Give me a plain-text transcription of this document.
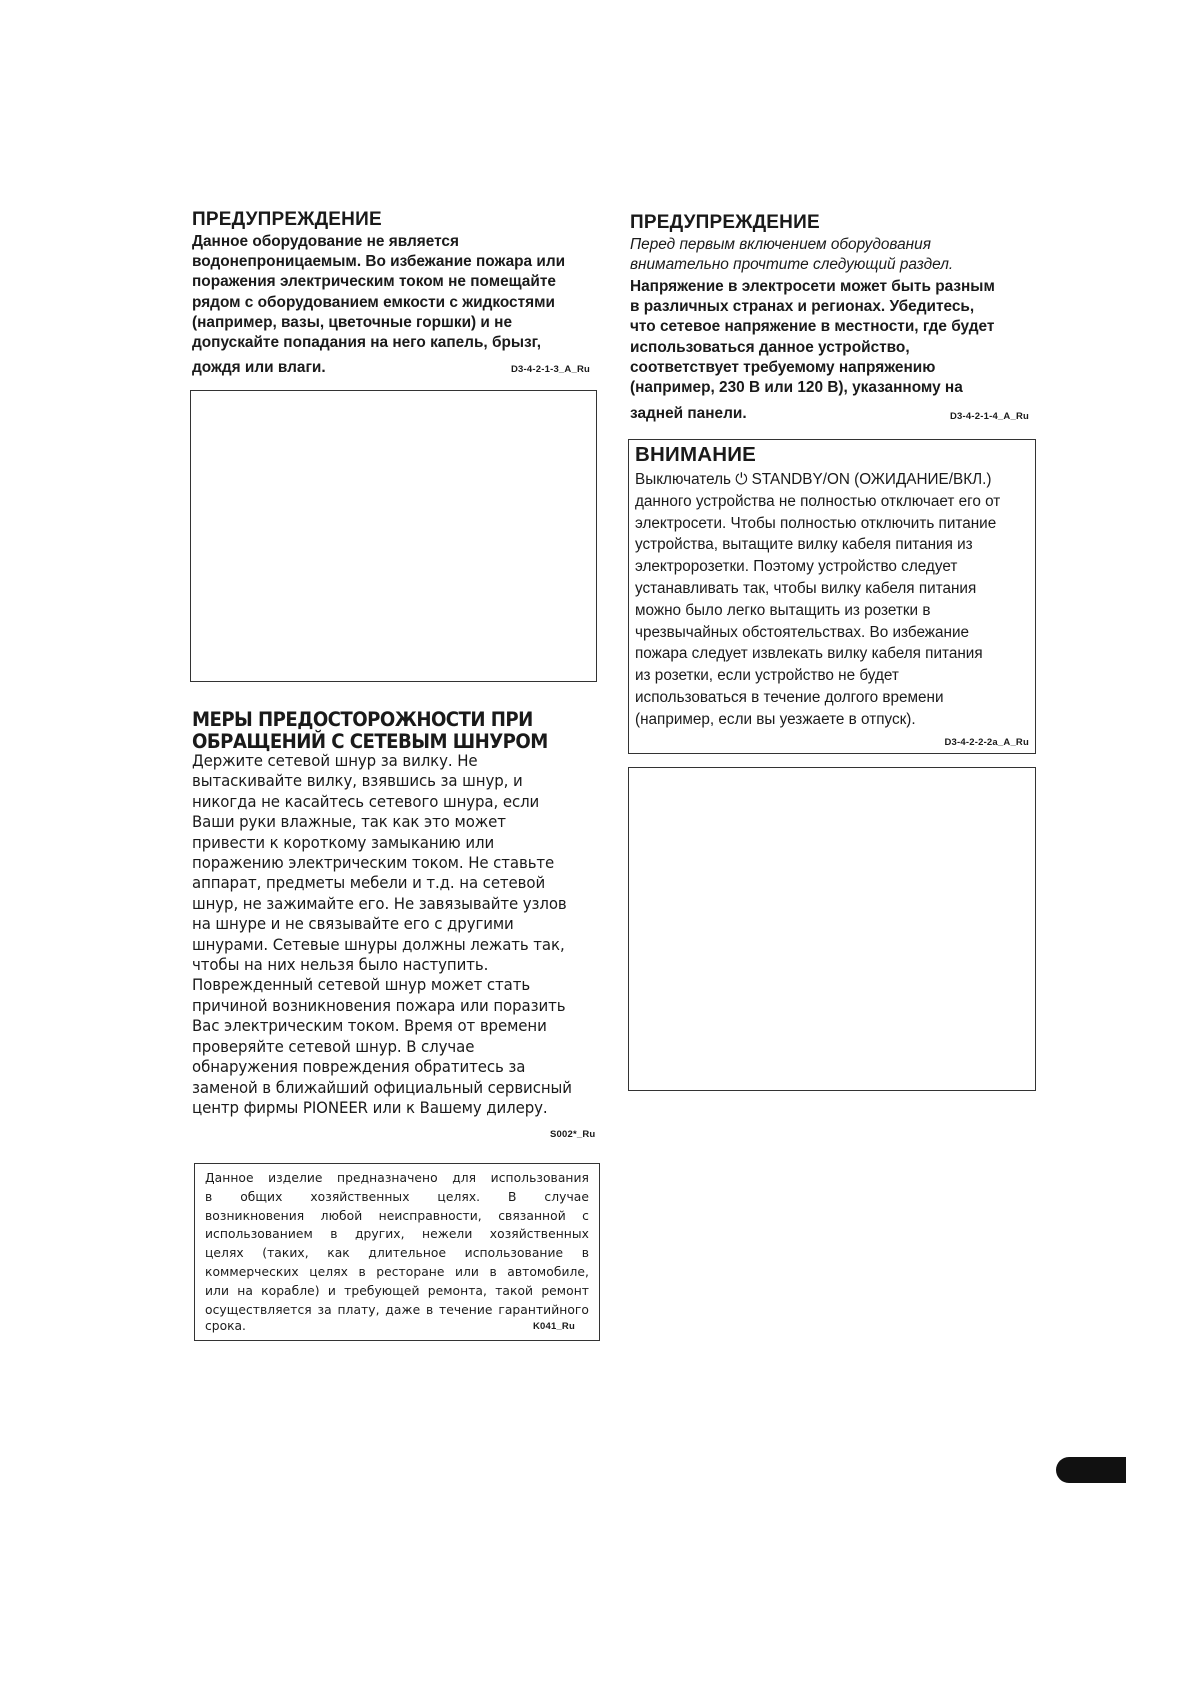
ПРЕДУПРЕЖДЕНИЕ
Данное оборудование не является
водонепроницаемым. Во избежание пожара или
поражения электрическим током не помещайте
рядом с оборудованием емкости с жидкостями
(например, вазы, цветочные горшки) и не
допускайте попадания на него капель, брызг,
дождя или влаги.	D3-4-2-1-3_A_Ru
МЕРЫ ПРЕДОСТОРОЖНОСТИ ПРИ
ОБРАЩЕНИЙ С СЕТЕВЫМ ШНУРОМ
Держите сетевой шнур за вилку. Не
вытаскивайте вилку, взявшись за шнур, и
никогда не касайтесь сетевого шнура, если
Ваши руки влажные, так как это может
привести к короткому замыканию или
поражению электрическим током. Не ставьте
аппарат, предметы мебели и т.д. на сетевой
шнур, не зажимайте его. Не завязывайте узлов
на шнуре и не связывайте его с другими
шнурами. Сетевые шнуры должны лежать так,
чтобы на них нельзя было наступить.
Поврежденный сетевой шнур может стать
причиной возникновения пожара или поразить
Вас электрическим током. Время от времени
проверяйте сетевой шнур. В случае
обнаружения повреждения обратитесь за
заменой в ближайший официальный сервисный
центр фирмы PIONEER или к Вашему дилеру.
S002*_Ru
Данное изделие предназначено для использования
в общих хозяйственных целях. В случае
возникновения любой неисправности, связанной с
использованием в других, нежели хозяйственных
целях (таких, как длительное использование в
коммерческих целях в ресторане или в автомобиле,
или на корабле) и требующей ремонта, такой ремонт
осуществляется за плату, даже в течение гарантийного
срока.	K041_Ru
ПРЕДУПРЕЖДЕНИЕ
Перед первым включением оборудования
внимательно прочтите следующий раздел.
Напряжение в электросети может быть разным
в различных странах и регионах. Убедитесь,
что сетевое напряжение в местности, где будет
использоваться данное устройство,
соответствует требуемому напряжению
(например, 230 В или 120 В), указанному на
задней панели.	D3-4-2-1-4_A_Ru
ВНИМАНИЕ
Выключатель ⏻ STANDBY/ON (ОЖИДАНИЕ/ВКЛ.)
данного устройства не полностью отключает его от
электросети. Чтобы полностью отключить питание
устройства, вытащите вилку кабеля питания из
электророзетки. Поэтому устройство следует
устанавливать так, чтобы вилку кабеля питания
можно было легко вытащить из розетки в
чрезвычайных обстоятельствах. Во избежание
пожара следует извлекать вилку кабеля питания
из розетки, если устройство не будет
использоваться в течение долгого времени
(например, если вы уезжаете в отпуск).
D3-4-2-2-2a_A_Ru
